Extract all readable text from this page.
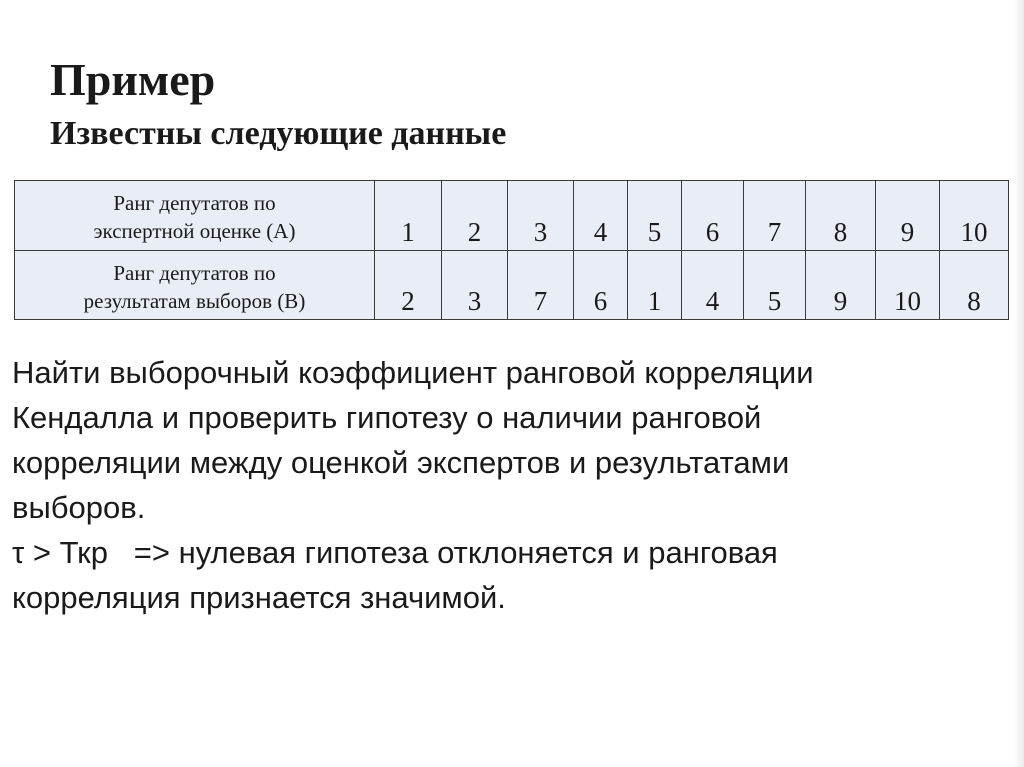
Пример
Известны следующие данные
Ранг депутатов по
экспертной оценке (А)	1	2	3	4	5	6	7	8	9	10

Ранг депутатов по
результатам выборов (В)	2	3	7	6	1	4	5	9	10	8

Найти выборочный коэффициент ранговой корреляции

Кендалла и проверить гипотезу о наличии ранговой

корреляции между оценкой экспертов и результатами

выборов.

τ > Ткр   => нулевая гипотеза отклоняется и ранговая

корреляция признается значимой.
